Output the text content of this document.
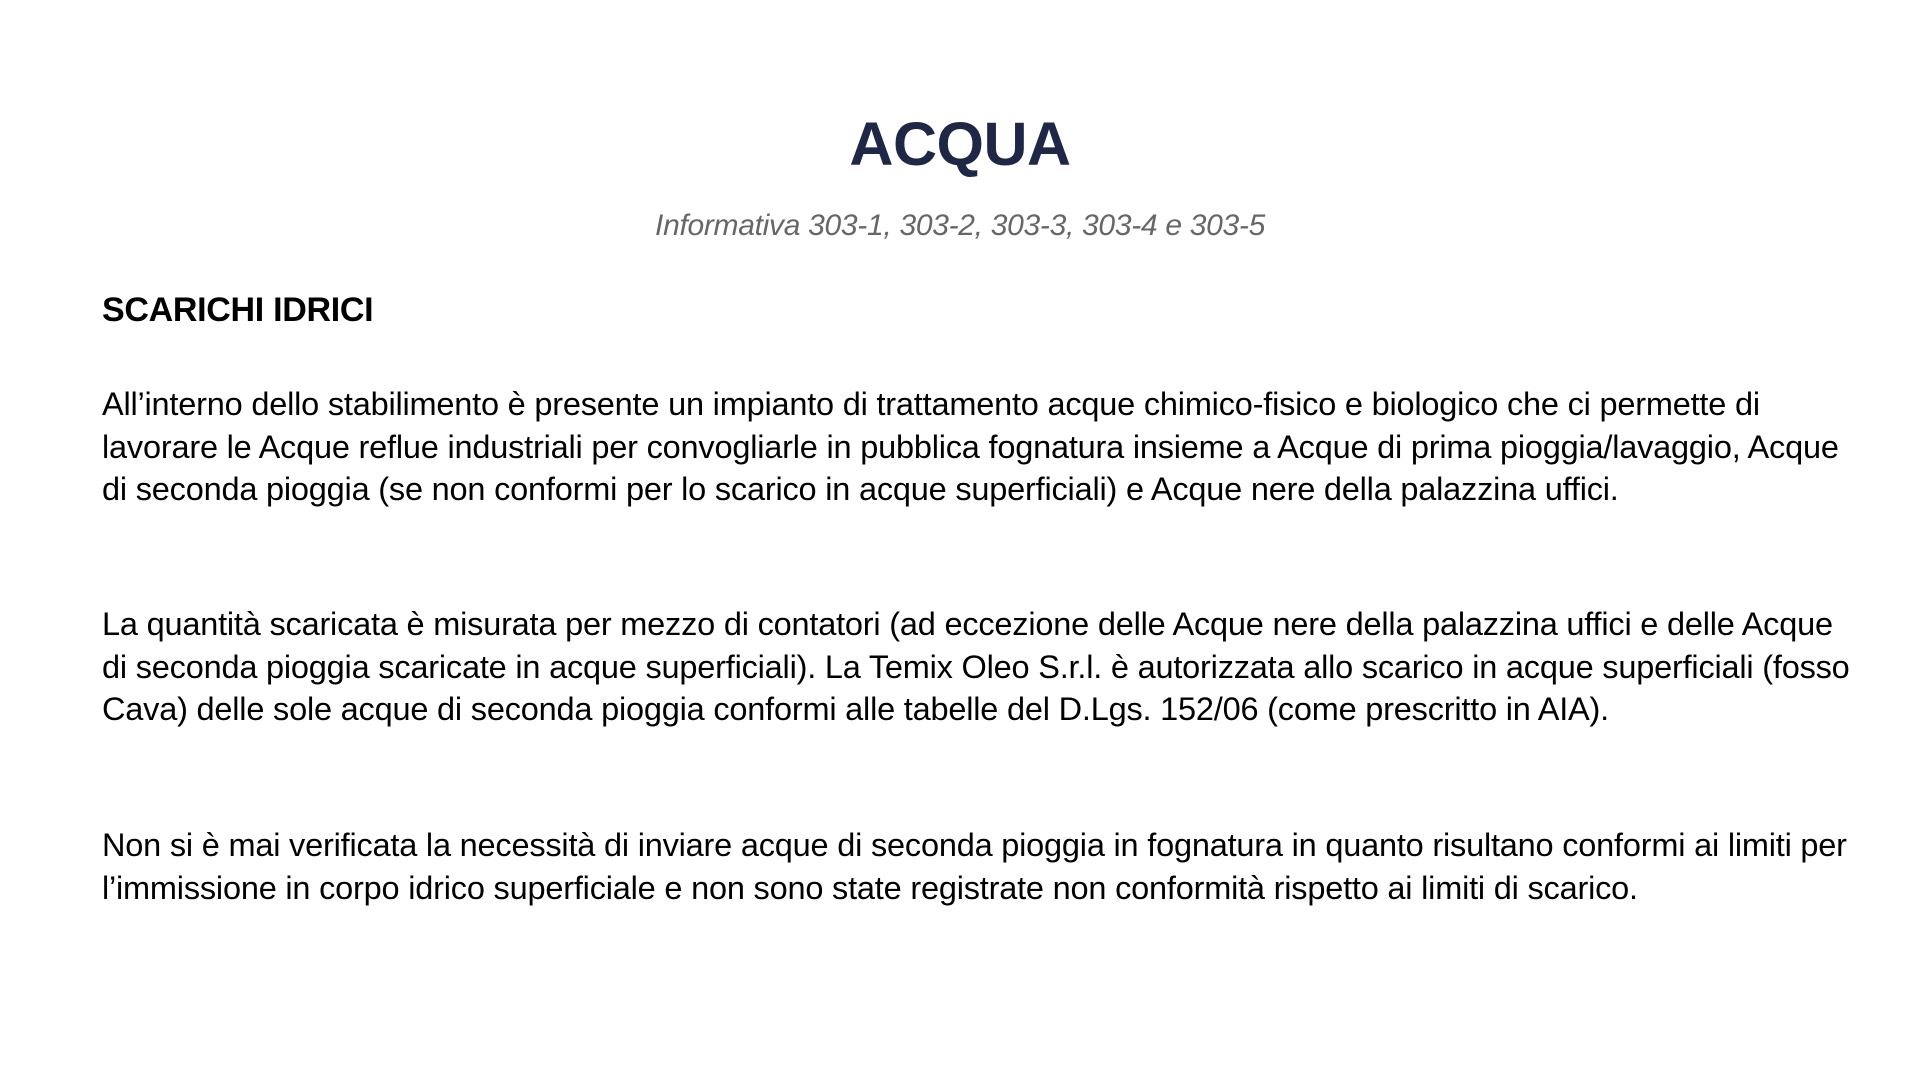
ACQUA

Informativa 303-1, 303-2, 303-3, 303-4 e 303-5

SCARICHI IDRICI

All’interno dello stabilimento è presente un impianto di trattamento acque chimico-fisico e biologico che ci permette di lavorare le Acque reflue industriali per convogliarle in pubblica fognatura insieme a Acque di prima pioggia/lavaggio, Acque di seconda pioggia (se non conformi per lo scarico in acque superficiali) e Acque nere della palazzina uffici.

La quantità scaricata è misurata per mezzo di contatori (ad eccezione delle Acque nere della palazzina uffici e delle Acque di seconda pioggia scaricate in acque superficiali). La Temix Oleo S.r.l. è autorizzata allo scarico in acque superficiali (fosso Cava) delle sole acque di seconda pioggia conformi alle tabelle del D.Lgs. 152/06 (come prescritto in AIA).

Non si è mai verificata la necessità di inviare acque di seconda pioggia in fognatura in quanto risultano conformi ai limiti per l’immissione in corpo idrico superficiale e non sono state registrate non conformità rispetto ai limiti di scarico.
